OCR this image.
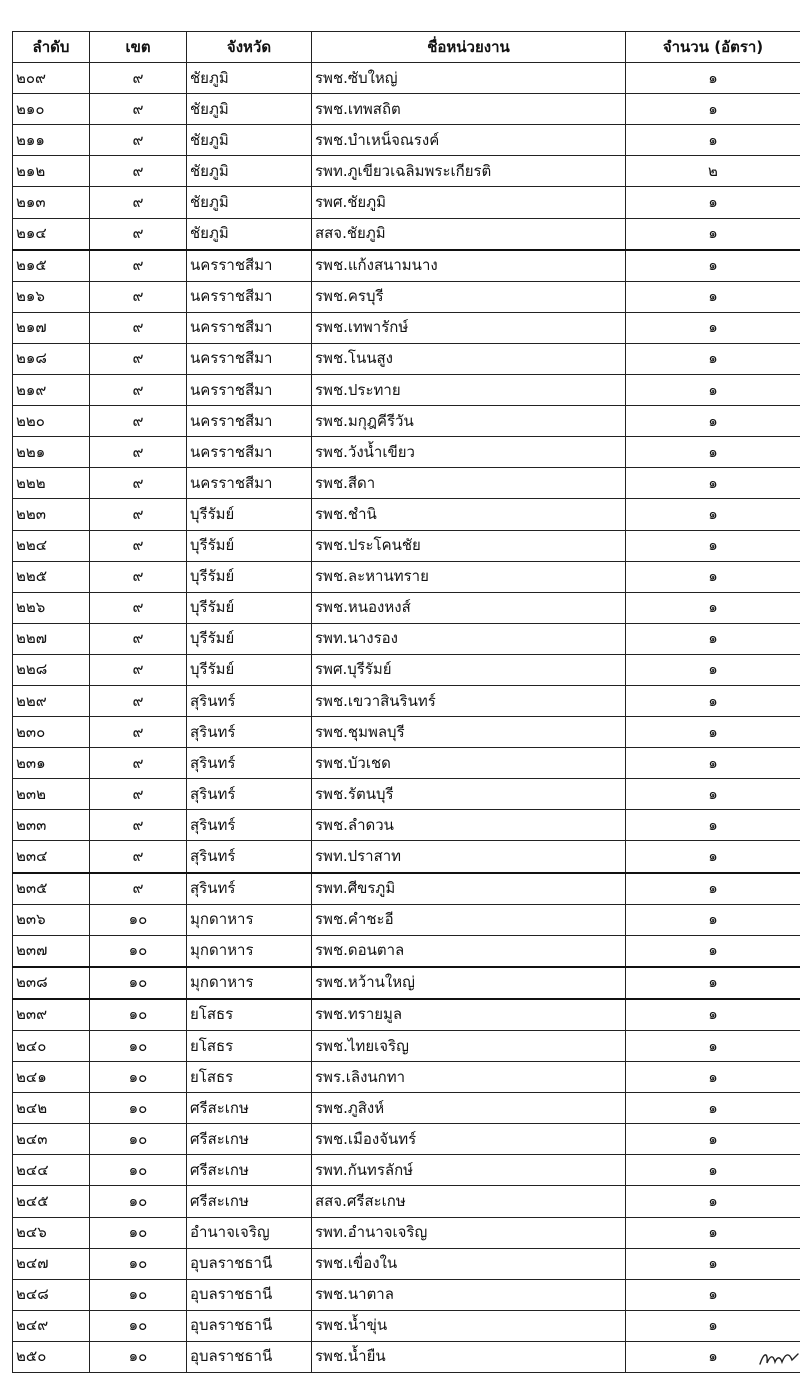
ลำดับ	เขต	จังหวัด	ชื่อหน่วยงาน	จำนวน (อัตรา)
๒๐๙	๙	ชัยภูมิ	รพช.ซับใหญ่	๑
๒๑๐	๙	ชัยภูมิ	รพช.เทพสถิต	๑
๒๑๑	๙	ชัยภูมิ	รพช.บำเหน็จณรงค์	๑
๒๑๒	๙	ชัยภูมิ	รพท.ภูเขียวเฉลิมพระเกียรติ	๒
๒๑๓	๙	ชัยภูมิ	รพศ.ชัยภูมิ	๑
๒๑๔	๙	ชัยภูมิ	สสจ.ชัยภูมิ	๑
๒๑๕	๙	นครราชสีมา	รพช.แก้งสนามนาง	๑
๒๑๖	๙	นครราชสีมา	รพช.ครบุรี	๑
๒๑๗	๙	นครราชสีมา	รพช.เทพารักษ์	๑
๒๑๘	๙	นครราชสีมา	รพช.โนนสูง	๑
๒๑๙	๙	นครราชสีมา	รพช.ประทาย	๑
๒๒๐	๙	นครราชสีมา	รพช.มกุฎคีรีวัน	๑
๒๒๑	๙	นครราชสีมา	รพช.วังน้ำเขียว	๑
๒๒๒	๙	นครราชสีมา	รพช.สีดา	๑
๒๒๓	๙	บุรีรัมย์	รพช.ชำนิ	๑
๒๒๔	๙	บุรีรัมย์	รพช.ประโคนชัย	๑
๒๒๕	๙	บุรีรัมย์	รพช.ละหานทราย	๑
๒๒๖	๙	บุรีรัมย์	รพช.หนองหงส์	๑
๒๒๗	๙	บุรีรัมย์	รพท.นางรอง	๑
๒๒๘	๙	บุรีรัมย์	รพศ.บุรีรัมย์	๑
๒๒๙	๙	สุรินทร์	รพช.เขวาสินรินทร์	๑
๒๓๐	๙	สุรินทร์	รพช.ชุมพลบุรี	๑
๒๓๑	๙	สุรินทร์	รพช.บัวเชด	๑
๒๓๒	๙	สุรินทร์	รพช.รัตนบุรี	๑
๒๓๓	๙	สุรินทร์	รพช.ลำดวน	๑
๒๓๔	๙	สุรินทร์	รพท.ปราสาท	๑
๒๓๕	๙	สุรินทร์	รพท.ศีขรภูมิ	๑
๒๓๖	๑๐	มุกดาหาร	รพช.คำชะอี	๑
๒๓๗	๑๐	มุกดาหาร	รพช.ดอนตาล	๑
๒๓๘	๑๐	มุกดาหาร	รพช.หว้านใหญ่	๑
๒๓๙	๑๐	ยโสธร	รพช.ทรายมูล	๑
๒๔๐	๑๐	ยโสธร	รพช.ไทยเจริญ	๑
๒๔๑	๑๐	ยโสธร	รพร.เลิงนกทา	๑
๒๔๒	๑๐	ศรีสะเกษ	รพช.ภูสิงห์	๑
๒๔๓	๑๐	ศรีสะเกษ	รพช.เมืองจันทร์	๑
๒๔๔	๑๐	ศรีสะเกษ	รพท.กันทรลักษ์	๑
๒๔๕	๑๐	ศรีสะเกษ	สสจ.ศรีสะเกษ	๑
๒๔๖	๑๐	อำนาจเจริญ	รพท.อำนาจเจริญ	๑
๒๔๗	๑๐	อุบลราชธานี	รพช.เขื่องใน	๑
๒๔๘	๑๐	อุบลราชธานี	รพช.นาตาล	๑
๒๔๙	๑๐	อุบลราชธานี	รพช.น้ำขุ่น	๑
๒๕๐	๑๐	อุบลราชธานี	รพช.น้ำยืน	๑
